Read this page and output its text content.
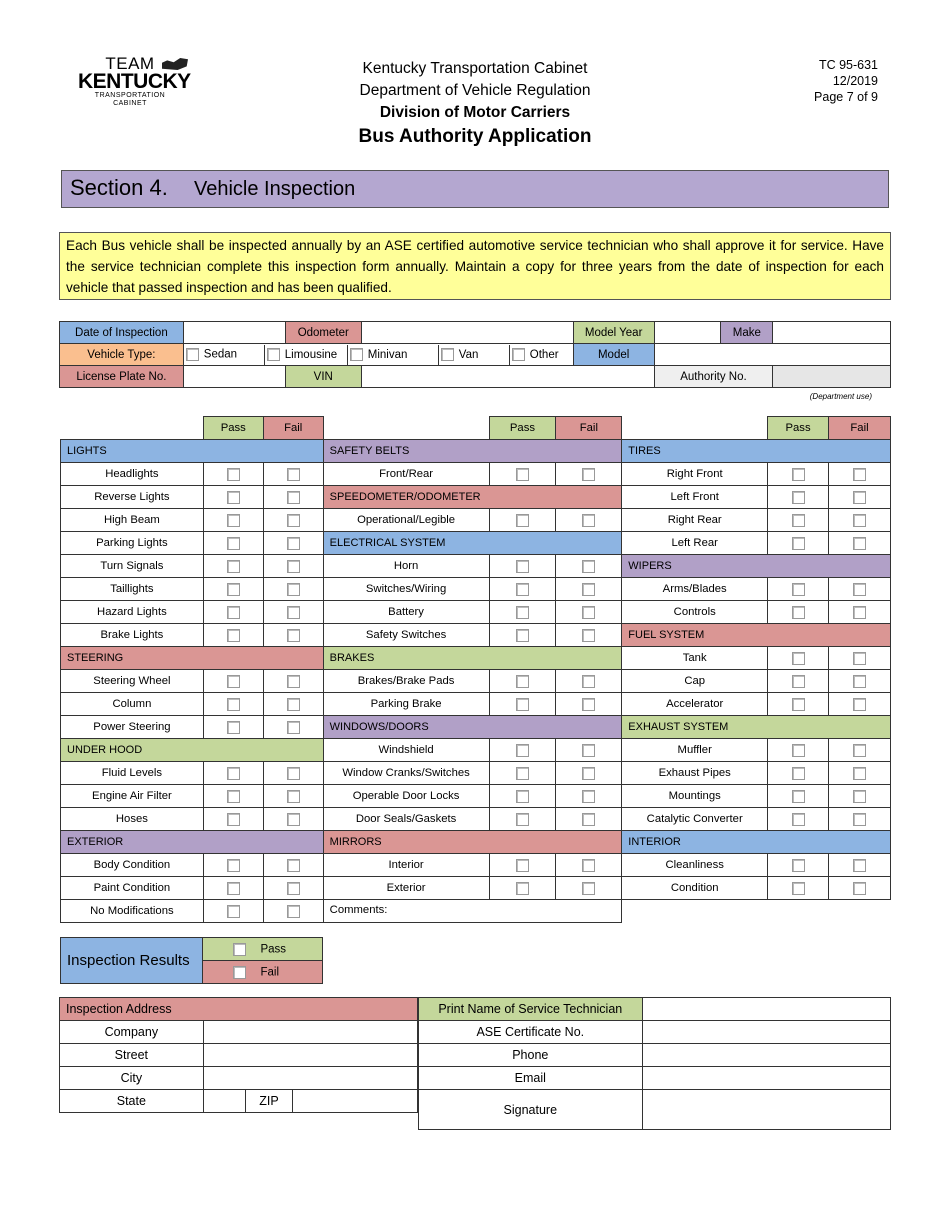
TEAM
KENTUCKY
TRANSPORTATION
CABINET
Kentucky Transportation Cabinet
Department of Vehicle Regulation
Division of Motor Carriers
Bus Authority Application
TC 95-631
12/2019
Page 7 of 9
Section 4. Vehicle Inspection
Each Bus vehicle shall be inspected annually by an ASE certified automotive service technician who shall approve it for service. Have the service technician complete this inspection form annually. Maintain a copy for three years from the date of inspection for each vehicle that passed inspection and has been qualified.
Date of Inspection		Odometer		Model Year		Make	
Vehicle Type:	Sedan Limousine Minivan Van Other			Model			
License Plate No.		VIN			Authority No.		
(Department use)
	Pass	Fail		Pass	Fail		Pass	Fail
LIGHTS			SAFETY BELTS			TIRES		
Headlights			Front/Rear			Right Front		
Reverse Lights			SPEEDOMETER/ODOMETER			Left Front		
High Beam			Operational/Legible			Right Rear		
Parking Lights			ELECTRICAL SYSTEM			Left Rear		
Turn Signals			Horn			WIPERS		
Taillights			Switches/Wiring			Arms/Blades		
Hazard Lights			Battery			Controls		
Brake Lights			Safety Switches			FUEL SYSTEM		
STEERING			BRAKES			Tank		
Steering Wheel			Brakes/Brake Pads			Cap		
Column			Parking Brake			Accelerator		
Power Steering			WINDOWS/DOORS			EXHAUST SYSTEM		
UNDER HOOD			Windshield			Muffler		
Fluid Levels			Window Cranks/Switches			Exhaust Pipes		
Engine Air Filter			Operable Door Locks			Mountings		
Hoses			Door Seals/Gaskets			Catalytic Converter		
EXTERIOR			MIRRORS			INTERIOR		
Body Condition			Interior			Cleanliness		
Paint Condition			Exterior			Condition		
No Modifications			Comments:					
Inspection Results	Pass
Fail
Inspection Address			
Company			
Street			
City			
State		ZIP	
Print Name of Service Technician	
ASE Certificate No.	
Phone	
Email	
Signature	
